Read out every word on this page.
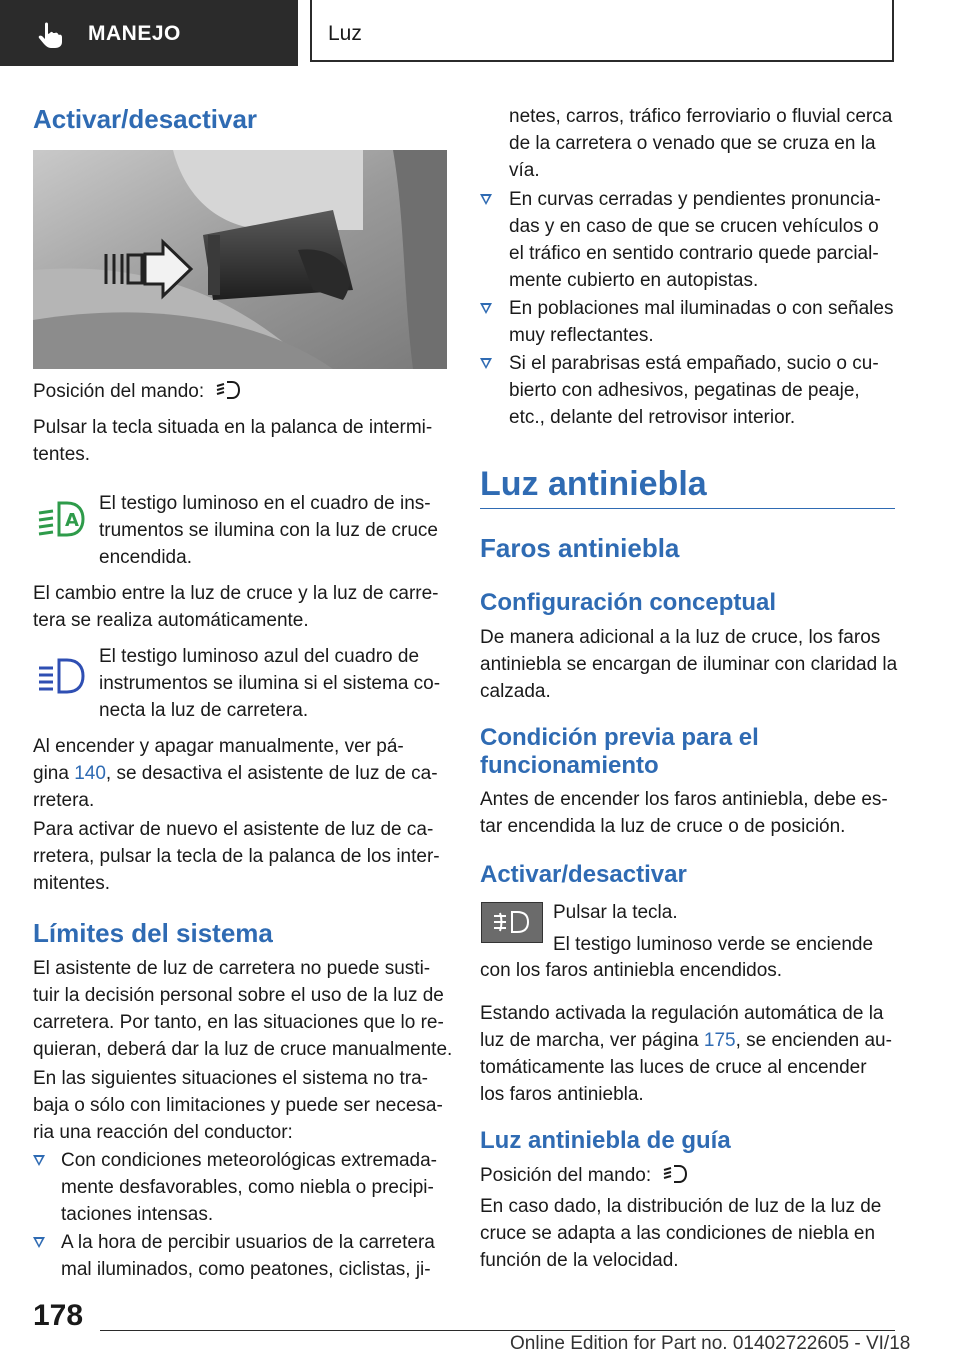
MANEJO	Luz
Activar/desactivar
Posición del mando:

Pulsar la tecla situada en la palanca de intermi‐
tentes.

A

El testigo luminoso en el cuadro de ins‐
trumentos se ilumina con la luz de cruce
encendida.

El cambio entre la luz de cruce y la luz de carre‐
tera se realiza automáticamente.

El testigo luminoso azul del cuadro de
instrumentos se ilumina si el sistema co‐
necta la luz de carretera.

Al encender y apagar manualmente, ver pá‐
gina 140, se desactiva el asistente de luz de ca‐
rretera.

Para activar de nuevo el asistente de luz de ca‐
rretera, pulsar la tecla de la palanca de los inter‐
mitentes.

Límites del sistema

El asistente de luz de carretera no puede susti‐
tuir la decisión personal sobre el uso de la luz de
carretera. Por tanto, en las situaciones que lo re‐
quieran, deberá dar la luz de cruce manualmente.

En las siguientes situaciones el sistema no tra‐
baja o sólo con limitaciones y puede ser necesa‐
ria una reacción del conductor:

Con condiciones meteorológicas extremada‐
mente desfavorables, como niebla o precipi‐
taciones intensas.
A la hora de percibir usuarios de la carretera
mal iluminados, como peatones, ciclistas, ji‐

netes, carros, tráfico ferroviario o fluvial cerca
de la carretera o venado que se cruza en la
vía.

En curvas cerradas y pendientes pronuncia‐
das y en caso de que se crucen vehículos o
el tráfico en sentido contrario quede parcial‐
mente cubierto en autopistas.
En poblaciones mal iluminadas o con señales
muy reflectantes.
Si el parabrisas está empañado, sucio o cu‐
bierto con adhesivos, pegatinas de peaje,
etc., delante del retrovisor interior.
Luz antiniebla
Faros antiniebla
Configuración conceptual

De manera adicional a la luz de cruce, los faros
antiniebla se encargan de iluminar con claridad la
calzada.

Condición previa para el
funcionamiento

Antes de encender los faros antiniebla, debe es‐
tar encendida la luz de cruce o de posición.

Activar/desactivar

Pulsar la tecla.

El testigo luminoso verde se enciende

con los faros antiniebla encendidos.

Estando activada la regulación automática de la
luz de marcha, ver página 175, se encienden au‐
tomáticamente las luces de cruce al encender
los faros antiniebla.

Luz antiniebla de guía
Posición del mando:

En caso dado, la distribución de luz de la luz de
cruce se adapta a las condiciones de niebla en
función de la velocidad.

178
Online Edition for Part no. 01402722605 - VI/18
